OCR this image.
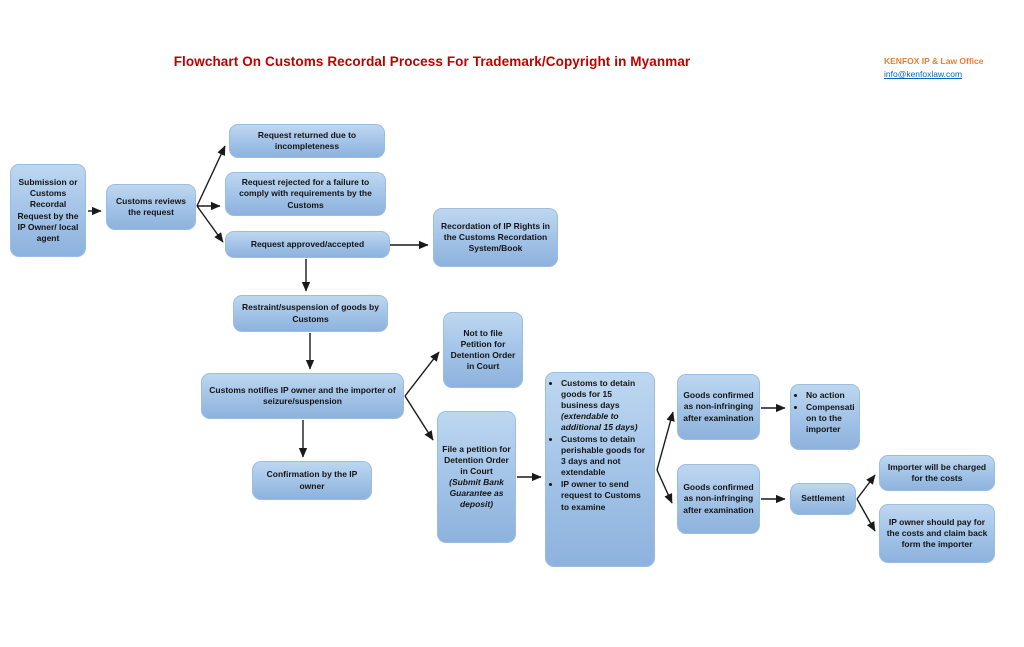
Flowchart On Customs Recordal Process For Trademark/Copyright in Myanmar	KENFOX IP & Law Office
info@kenfoxlaw.com
Submission or Customs Recordal Request by the IP Owner/ local agent
Customs reviews the request
Request returned due to incompleteness
Request rejected for a failure to comply with requirements by the Customs
Request approved/accepted
Recordation of IP Rights in the Customs Recordation System/Book
Restraint/suspension of goods by Customs
Customs notifies IP owner and the importer of seizure/suspension
Confirmation by the IP owner
Not to file Petition for Detention Order in Court
File a petition for Detention Order in Court
(Submit Bank Guarantee as deposit)
• Customs to detain goods for 15 business days (extendable to additional 15 days)
• Customs to detain perishable goods for 3 days and not extendable
• IP owner to send request to Customs to examine
Goods confirmed as non-infringing after examination
Goods confirmed as non-infringing after examination
• No action
• Compensation to the importer
Settlement
Importer will be charged for the costs
IP owner should pay for the costs and claim back form the importer
